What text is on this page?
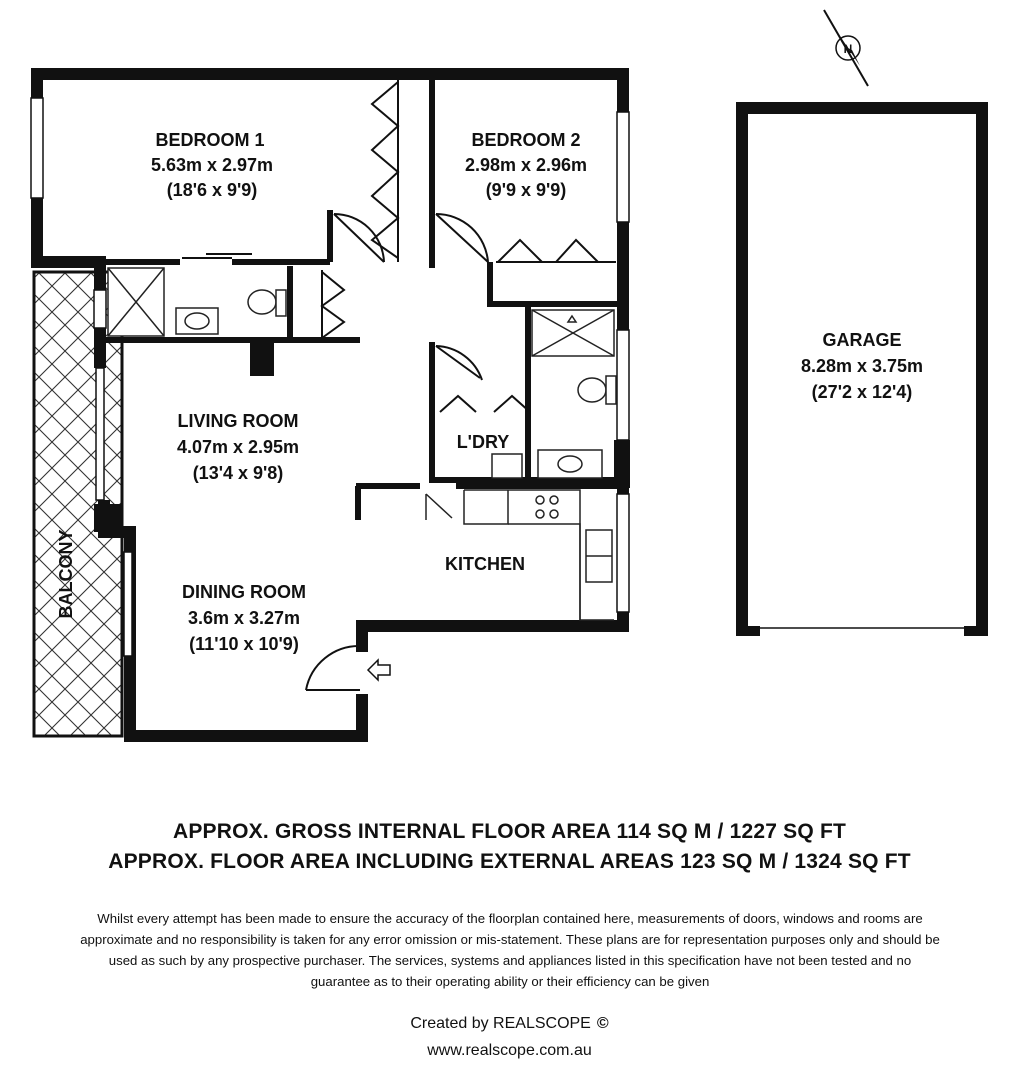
N
BEDROOM 1
5.63m x 2.97m
(18'6 x 9'9)
BEDROOM 2
2.98m x 2.96m
(9'9 x 9'9)
GARAGE
8.28m x 3.75m
(27'2 x 12'4)
LIVING ROOM
4.07m x 2.95m
(13'4 x 9'8)
DINING ROOM
3.6m x 3.27m
(11'10 x 10'9)
L'DRY
KITCHEN
BALCONY
APPROX. GROSS INTERNAL FLOOR AREA 114 SQ M / 1227 SQ FT
APPROX. FLOOR AREA INCLUDING EXTERNAL AREAS 123 SQ M / 1324 SQ FT
Whilst every attempt has been made to ensure the accuracy of the floorplan contained here, measurements of doors, windows and rooms are
approximate and no responsibility is taken for any error omission or mis-statement. These plans are for representation purposes only and should be
used as such by any prospective purchaser. The services, systems and appliances listed in this specification have not been tested and no
guarantee as to their operating ability or their efficiency can be given
Created by REALSCOPE ©
www.realscope.com.au
